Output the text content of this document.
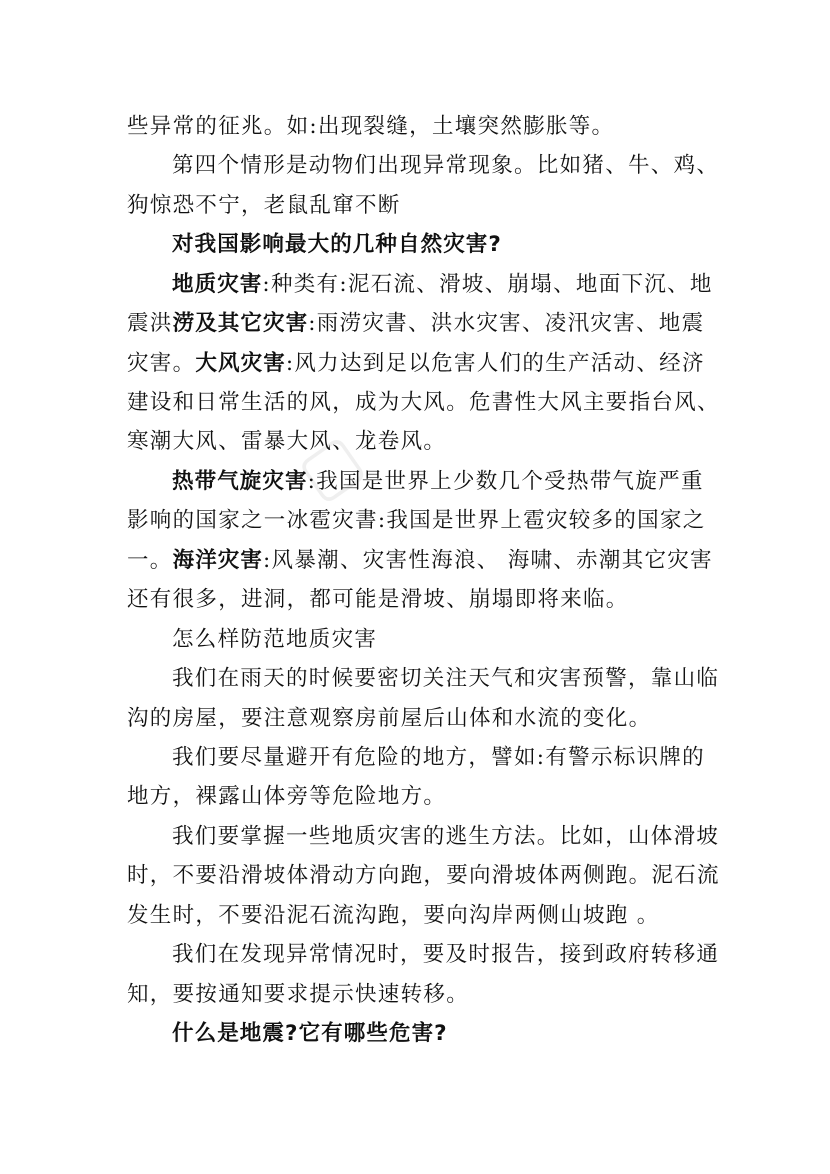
▢
些异常的征兆。如:出现裂缝，土壤突然膨胀等。
第四个情形是动物们出现异常现象。比如猪、牛、鸡、
狗惊恐不宁，老鼠乱窜不断
对我国影响最大的几种自然灾害?
地质灾害:种类有:泥石流、滑坡、崩塌、地面下沉、地
震洪涝及其它灾害:雨涝灾書、洪水灾害、凌汛灾害、地震
灾害。大风灾害:风力达到足以危害人们的生产活动、经济
建设和日常生活的风，成为大风。危書性大风主要指台风、
寒潮大风、雷暴大风、龙卷风。
热带气旋灾害:我国是世界上少数几个受热带气旋严重
影响的国家之一冰雹灾書:我国是世界上雹灾较多的国家之
一。海洋灾害:风暴潮、灾害性海浪、 海啸、赤潮其它灾害
还有很多，进洞，都可能是滑坡、崩塌即将来临。
怎么样防范地质灾害
我们在雨天的时候要密切关注天气和灾害预警，靠山临
沟的房屋，要注意观察房前屋后山体和水流的变化。
我们要尽量避开有危险的地方，譬如:有警示标识牌的
地方，裸露山体旁等危险地方。
我们要掌握一些地质灾害的逃生方法。比如，山体滑坡
时，不要沿滑坡体滑动方向跑，要向滑坡体两侧跑。泥石流
发生时，不要沿泥石流沟跑，要向沟岸两侧山坡跑 。
我们在发现异常情况时，要及时报告，接到政府转移通
知，要按通知要求提示快速转移。
什么是地震?它有哪些危害?
